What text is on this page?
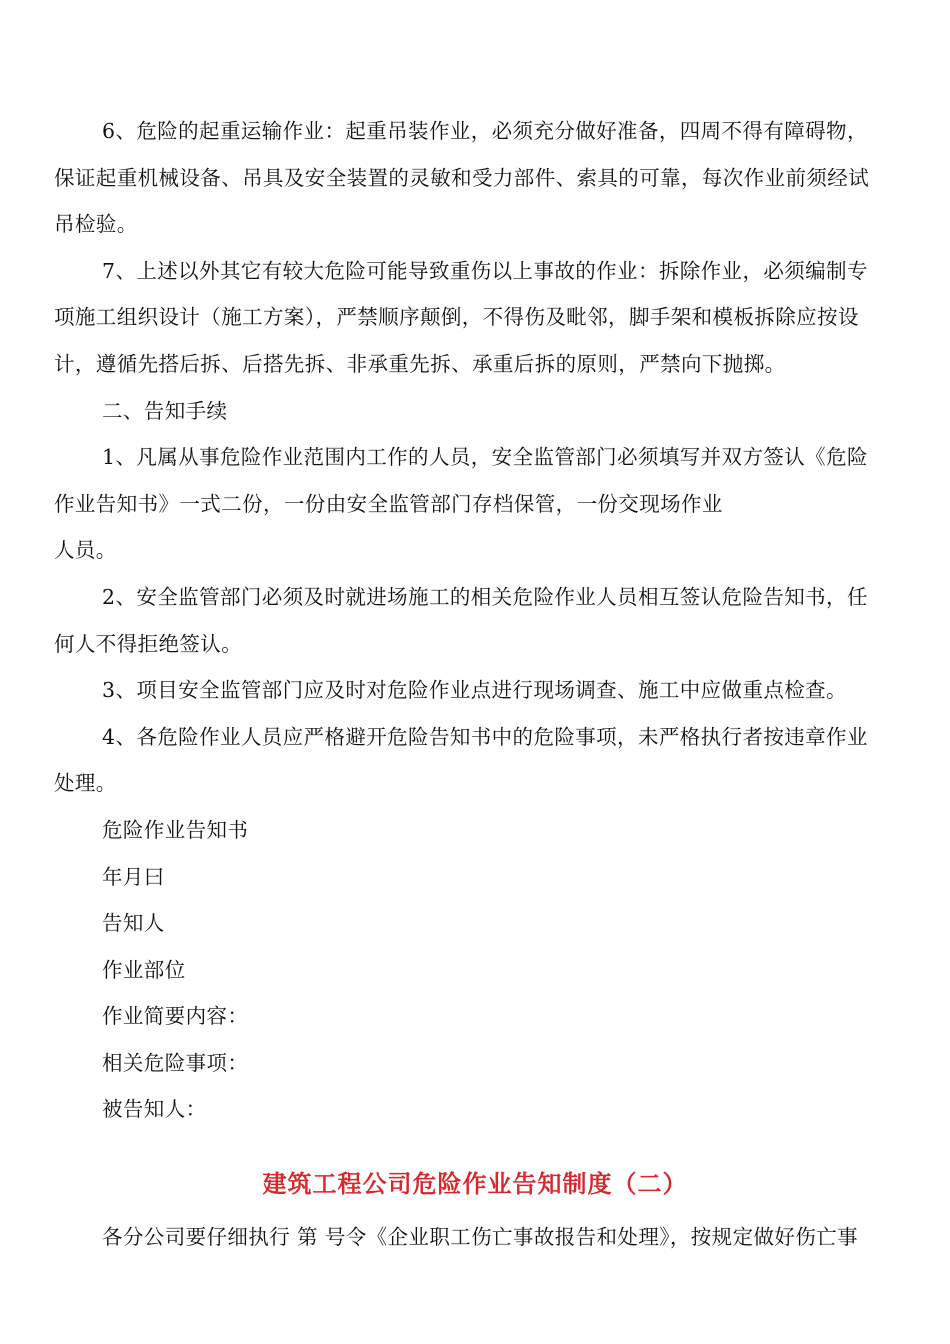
6、危险的起重运输作业：起重吊装作业，必须充分做好准备，四周不得有障碍物，
保证起重机械设备、吊具及安全装置的灵敏和受力部件、索具的可靠，每次作业前须经试
吊检验。
7、上述以外其它有较大危险可能导致重伤以上事故的作业：拆除作业，必须编制专
项施工组织设计（施工方案），严禁顺序颠倒，不得伤及毗邻，脚手架和模板拆除应按设
计，遵循先搭后拆、后搭先拆、非承重先拆、承重后拆的原则，严禁向下抛掷。
二、告知手续
1、凡属从事危险作业范围内工作的人员，安全监管部门必须填写并双方签认《危险
作业告知书》一式二份，一份由安全监管部门存档保管，一份交现场作业
人员。
2、安全监管部门必须及时就进场施工的相关危险作业人员相互签认危险告知书，任
何人不得拒绝签认。
3、项目安全监管部门应及时对危险作业点进行现场调查、施工中应做重点检查。
4、各危险作业人员应严格避开危险告知书中的危险事项，未严格执行者按违章作业
处理。
危险作业告知书
年月曰
告知人
作业部位
作业简要内容：
相关危险事项：
被告知人：
建筑工程公司危险作业告知制度（二）
各分公司要仔细执行 第 号令《企业职工伤亡事故报告和处理》，按规定做好伤亡事
